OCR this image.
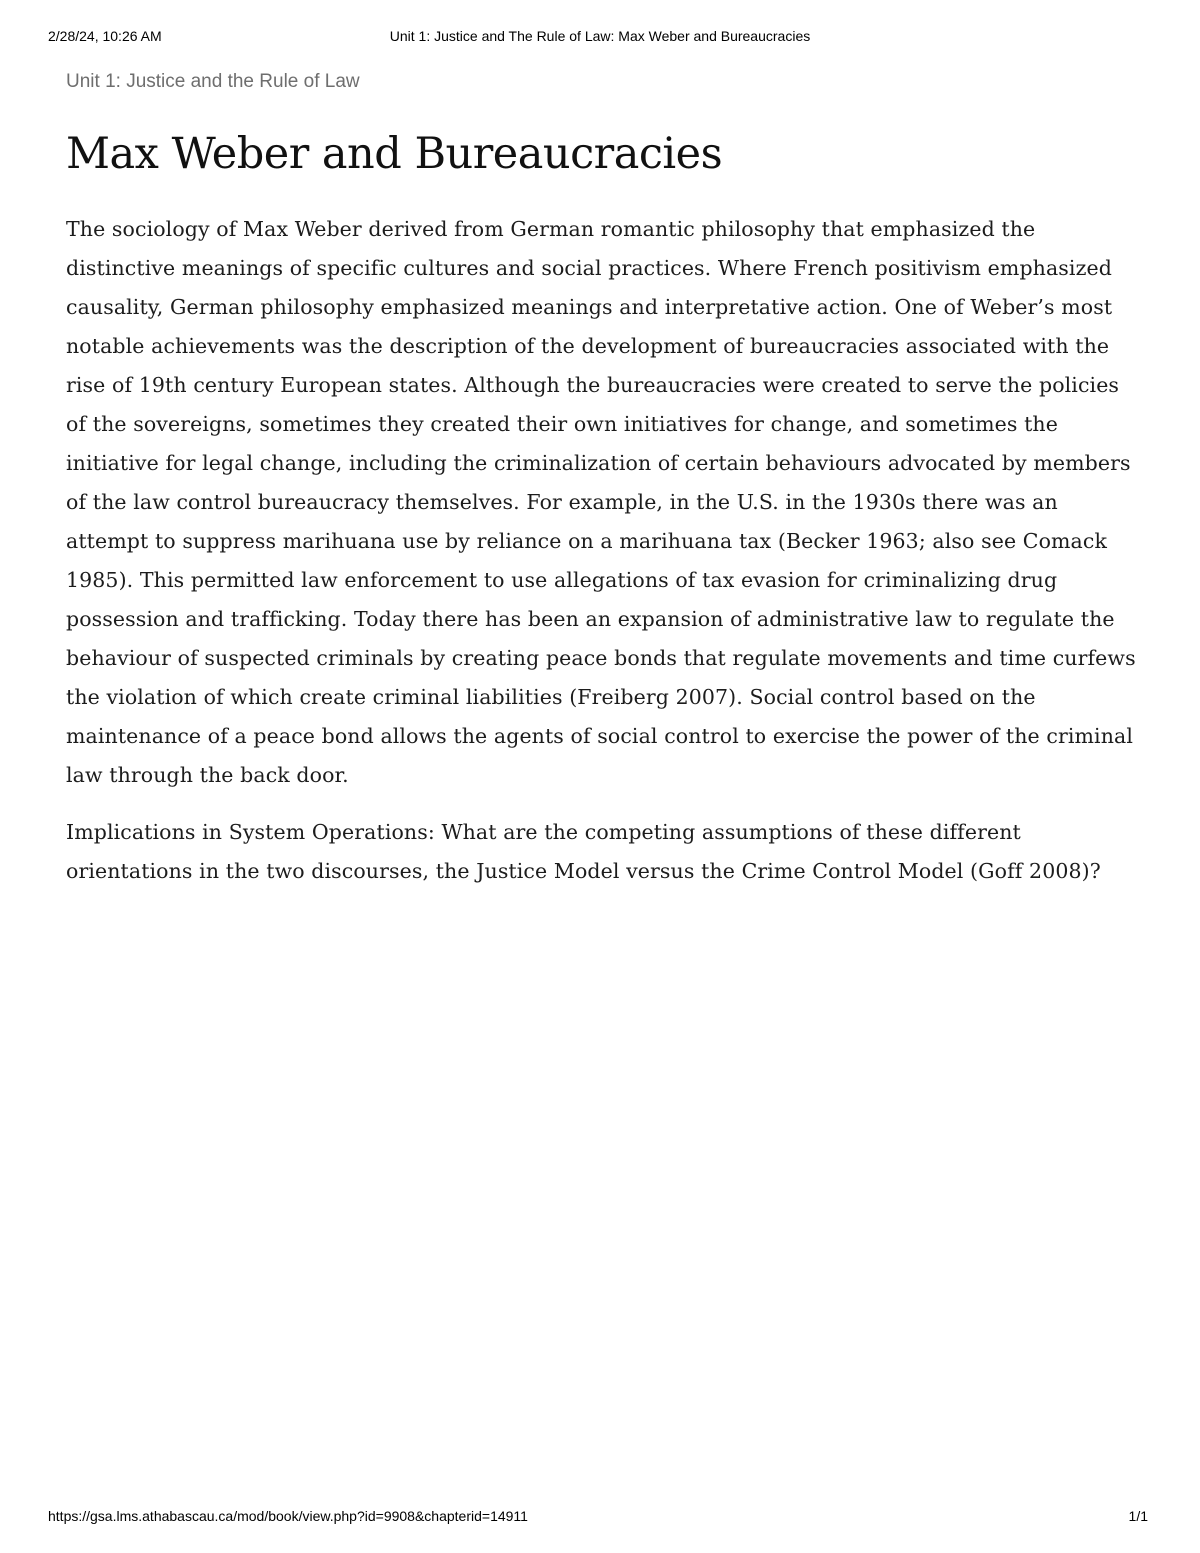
2/28/24, 10:26 AM	Unit 1: Justice and The Rule of Law: Max Weber and Bureaucracies
Unit 1: Justice and the Rule of Law
Max Weber and Bureaucracies

The sociology of Max Weber derived from German romantic philosophy that emphasized the distinctive meanings of specific cultures and social practices. Where French positivism emphasized causality, German philosophy emphasized meanings and interpretative action. One of Weber’s most notable achievements was the description of the development of bureaucracies associated with the rise of 19th century European states. Although the bureaucracies were created to serve the policies of the sovereigns, sometimes they created their own initiatives for change, and sometimes the initiative for legal change, including the criminalization of certain behaviours advocated by members of the law control bureaucracy themselves. For example, in the U.S. in the 1930s there was an attempt to suppress marihuana use by reliance on a marihuana tax (Becker 1963; also see Comack 1985). This permitted law enforcement to use allegations of tax evasion for criminalizing drug possession and trafficking. Today there has been an expansion of administrative law to regulate the behaviour of suspected criminals by creating peace bonds that regulate movements and time curfews the violation of which create criminal liabilities (Freiberg 2007). Social control based on the maintenance of a peace bond allows the agents of social control to exercise the power of the criminal law through the back door.

Implications in System Operations: What are the competing assumptions of these different orientations in the two discourses, the Justice Model versus the Crime Control Model (Goff 2008)?

https://gsa.lms.athabascau.ca/mod/book/view.php?id=9908&chapterid=14911	1/1
